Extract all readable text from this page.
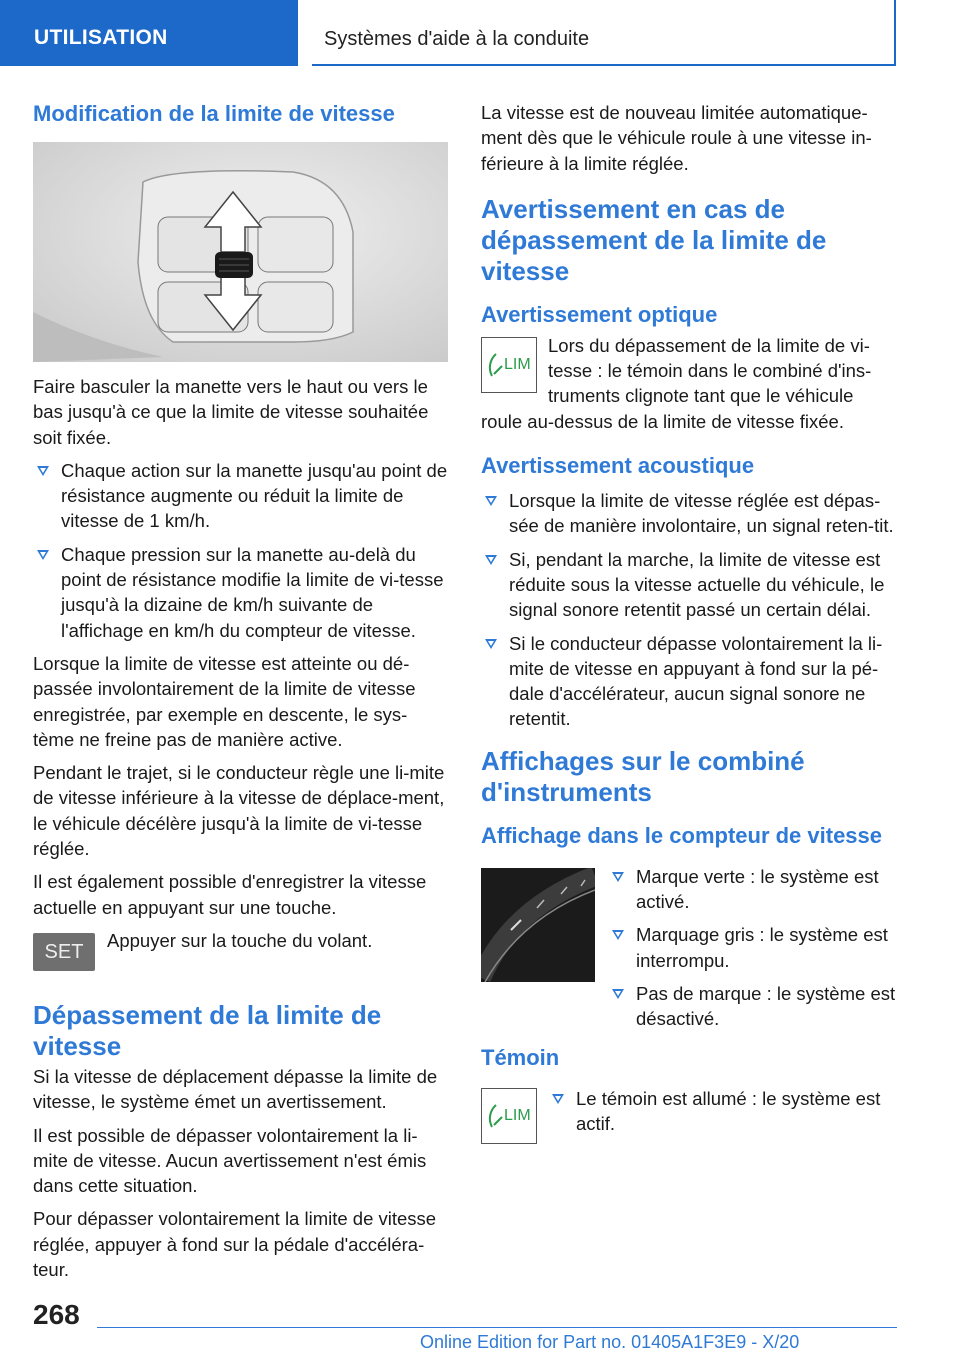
UTILISATION	Systèmes d'aide à la conduite
Modification de la limite de vitesse

Faire basculer la manette vers le haut ou vers le bas jusqu'à ce que la limite de vitesse souhaitée soit fixée.

Chaque action sur la manette jusqu'au point de résistance augmente ou réduit la limite de vitesse de 1 km/h.
Chaque pression sur la manette au-delà du point de résistance modifie la limite de vi-tesse jusqu'à la dizaine de km/h suivante de l'affichage en km/h du compteur de vitesse.

Lorsque la limite de vitesse est atteinte ou dé-passée involontairement de la limite de vitesse enregistrée, par exemple en descente, le sys-tème ne freine pas de manière active.

Pendant le trajet, si le conducteur règle une li-mite de vitesse inférieure à la vitesse de déplace-ment, le véhicule décélère jusqu'à la limite de vi-tesse réglée.

Il est également possible d'enregistrer la vitesse actuelle en appuyant sur une touche.

SET

Appuyer sur la touche du volant.

Dépassement de la limite de vitesse

Si la vitesse de déplacement dépasse la limite de vitesse, le système émet un avertissement.

Il est possible de dépasser volontairement la li-mite de vitesse. Aucun avertissement n'est émis dans cette situation.

Pour dépasser volontairement la limite de vitesse réglée, appuyer à fond sur la pédale d'accéléra-teur.

La vitesse est de nouveau limitée automatique-ment dès que le véhicule roule à une vitesse in-férieure à la limite réglée.

Avertissement en cas de dépassement de la limite de vitesse
Avertissement optique
LIM

Lors du dépassement de la limite de vi-tesse : le témoin dans le combiné d'ins-truments clignote tant que le véhicule

roule au-dessus de la limite de vitesse fixée.

Avertissement acoustique
Lorsque la limite de vitesse réglée est dépas-sée de manière involontaire, un signal reten-tit.
Si, pendant la marche, la limite de vitesse est réduite sous la vitesse actuelle du véhicule, le signal sonore retentit passé un certain délai.
Si le conducteur dépasse volontairement la li-mite de vitesse en appuyant à fond sur la pé-dale d'accélérateur, aucun signal sonore ne retentit.
Affichages sur le combiné d'instruments
Affichage dans le compteur de vitesse
Marque verte : le système est activé.
Marquage gris : le système est interrompu.
Pas de marque : le système est désactivé.
Témoin
LIM
Le témoin est allumé : le système est actif.
268
Online Edition for Part no. 01405A1F3E9 - X/20
